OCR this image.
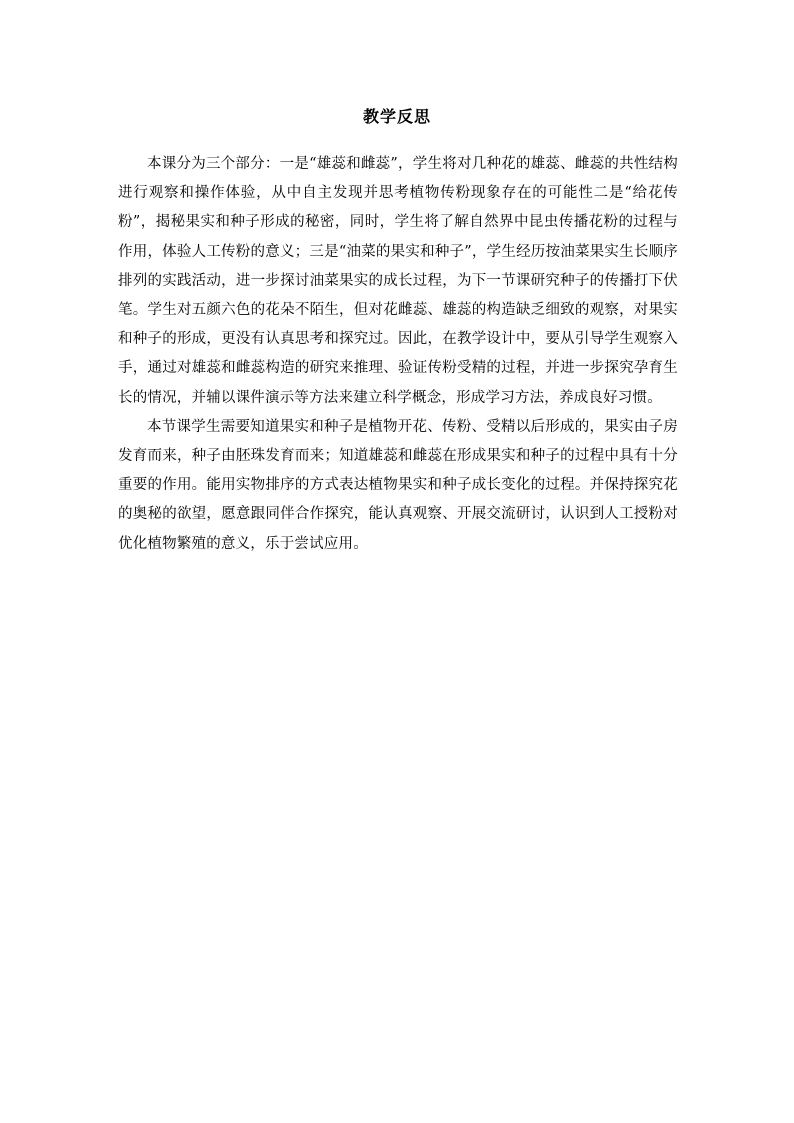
教学反思

本课分为三个部分：一是“雄蕊和雌蕊”，学生将对几种花的雄蕊、雌蕊的共性结构进行观察和操作体验，从中自主发现并思考植物传粉现象存在的可能性二是“给花传粉”，揭秘果实和种子形成的秘密，同时，学生将了解自然界中昆虫传播花粉的过程与作用，体验人工传粉的意义；三是“油菜的果实和种子”，学生经历按油菜果实生长顺序排列的实践活动，进一步探讨油菜果实的成长过程，为下一节课研究种子的传播打下伏笔。学生对五颜六色的花朵不陌生，但对花雌蕊、雄蕊的构造缺乏细致的观察，对果实和种子的形成，更没有认真思考和探究过。因此，在教学设计中，要从引导学生观察入手，通过对雄蕊和雌蕊构造的研究来推理、验证传粉受精的过程，并进一步探究孕育生长的情况，并辅以课件演示等方法来建立科学概念，形成学习方法，养成良好习惯。

本节课学生需要知道果实和种子是植物开花、传粉、受精以后形成的，果实由子房发育而来，种子由胚珠发育而来；知道雄蕊和雌蕊在形成果实和种子的过程中具有十分重要的作用。能用实物排序的方式表达植物果实和种子成长变化的过程。并保持探究花的奥秘的欲望，愿意跟同伴合作探究，能认真观察、开展交流研讨，认识到人工授粉对优化植物繁殖的意义，乐于尝试应用。
